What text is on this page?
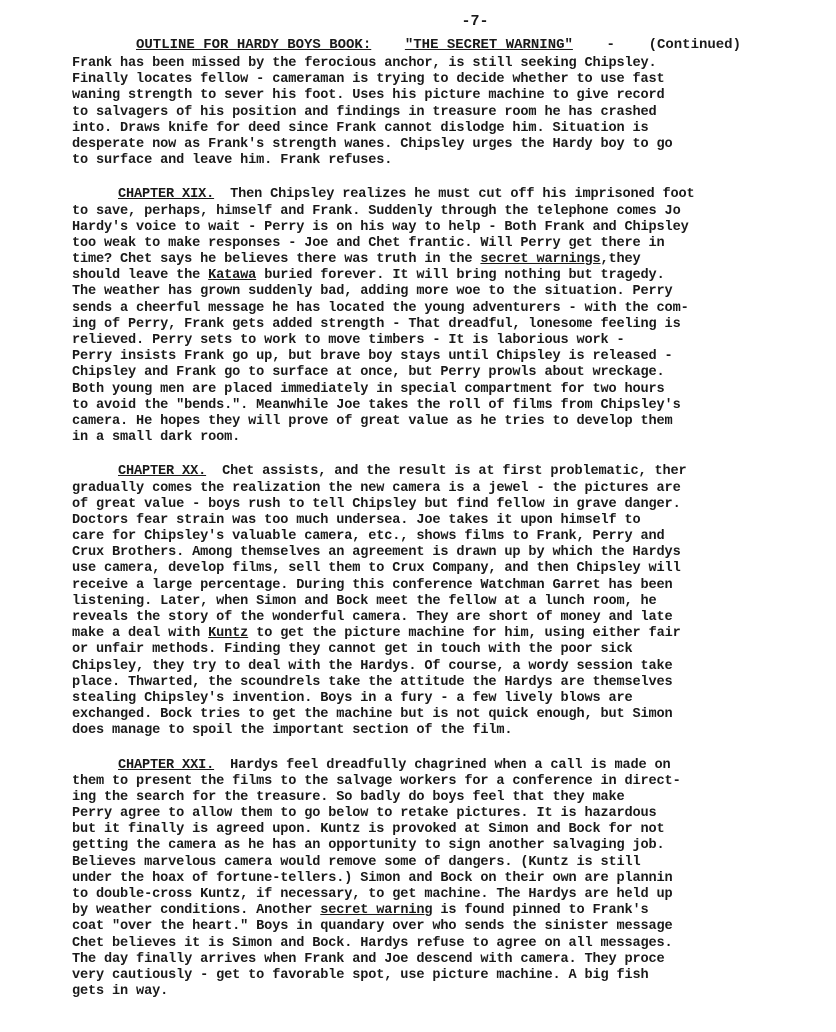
-7-
OUTLINE FOR HARDY BOYS BOOK: "THE SECRET WARNING" - (Continued)
Frank has been missed by the ferocious anchor, is still seeking Chipsley.
Finally locates fellow - cameraman is trying to decide whether to use fast
waning strength to sever his foot. Uses his picture machine to give record
to salvagers of his position and findings in treasure room he has crashed
into. Draws knife for deed since Frank cannot dislodge him. Situation is
desperate now as Frank's strength wanes. Chipsley urges the Hardy boy to go
to surface and leave him. Frank refuses.
CHAPTER XIX. Then Chipsley realizes he must cut off his imprisoned foot
to save, perhaps, himself and Frank. Suddenly through the telephone comes Jo
Hardy's voice to wait - Perry is on his way to help - Both Frank and Chipsley
too weak to make responses - Joe and Chet frantic. Will Perry get there in
time? Chet says he believes there was truth in the secret warnings,they
should leave the Katawa buried forever. It will bring nothing but tragedy.
The weather has grown suddenly bad, adding more woe to the situation. Perry
sends a cheerful message he has located the young adventurers - with the com-
ing of Perry, Frank gets added strength - That dreadful, lonesome feeling is
relieved. Perry sets to work to move timbers - It is laborious work -
Perry insists Frank go up, but brave boy stays until Chipsley is released -
Chipsley and Frank go to surface at once, but Perry prowls about wreckage.
Both young men are placed immediately in special compartment for two hours
to avoid the "bends.". Meanwhile Joe takes the roll of films from Chipsley's
camera. He hopes they will prove of great value as he tries to develop them
in a small dark room.
CHAPTER XX. Chet assists, and the result is at first problematic, ther
gradually comes the realization the new camera is a jewel - the pictures are
of great value - boys rush to tell Chipsley but find fellow in grave danger.
Doctors fear strain was too much undersea. Joe takes it upon himself to
care for Chipsley's valuable camera, etc., shows films to Frank, Perry and
Crux Brothers. Among themselves an agreement is drawn up by which the Hardys
use camera, develop films, sell them to Crux Company, and then Chipsley will
receive a large percentage. During this conference Watchman Garret has been
listening. Later, when Simon and Bock meet the fellow at a lunch room, he
reveals the story of the wonderful camera. They are short of money and late
make a deal with Kuntz to get the picture machine for him, using either fair
or unfair methods. Finding they cannot get in touch with the poor sick
Chipsley, they try to deal with the Hardys. Of course, a wordy session take
place. Thwarted, the scoundrels take the attitude the Hardys are themselves
stealing Chipsley's invention. Boys in a fury - a few lively blows are
exchanged. Bock tries to get the machine but is not quick enough, but Simon
does manage to spoil the important section of the film.
CHAPTER XXI. Hardys feel dreadfully chagrined when a call is made on
them to present the films to the salvage workers for a conference in direct-
ing the search for the treasure. So badly do boys feel that they make
Perry agree to allow them to go below to retake pictures. It is hazardous
but it finally is agreed upon. Kuntz is provoked at Simon and Bock for not
getting the camera as he has an opportunity to sign another salvaging job.
Believes marvelous camera would remove some of dangers. (Kuntz is still
under the hoax of fortune-tellers.) Simon and Bock on their own are plannin
to double-cross Kuntz, if necessary, to get machine. The Hardys are held up
by weather conditions. Another secret warning is found pinned to Frank's
coat "over the heart." Boys in quandary over who sends the sinister message
Chet believes it is Simon and Bock. Hardys refuse to agree on all messages.
The day finally arrives when Frank and Joe descend with camera. They proce
very cautiously - get to favorable spot, use picture machine. A big fish
gets in way.
